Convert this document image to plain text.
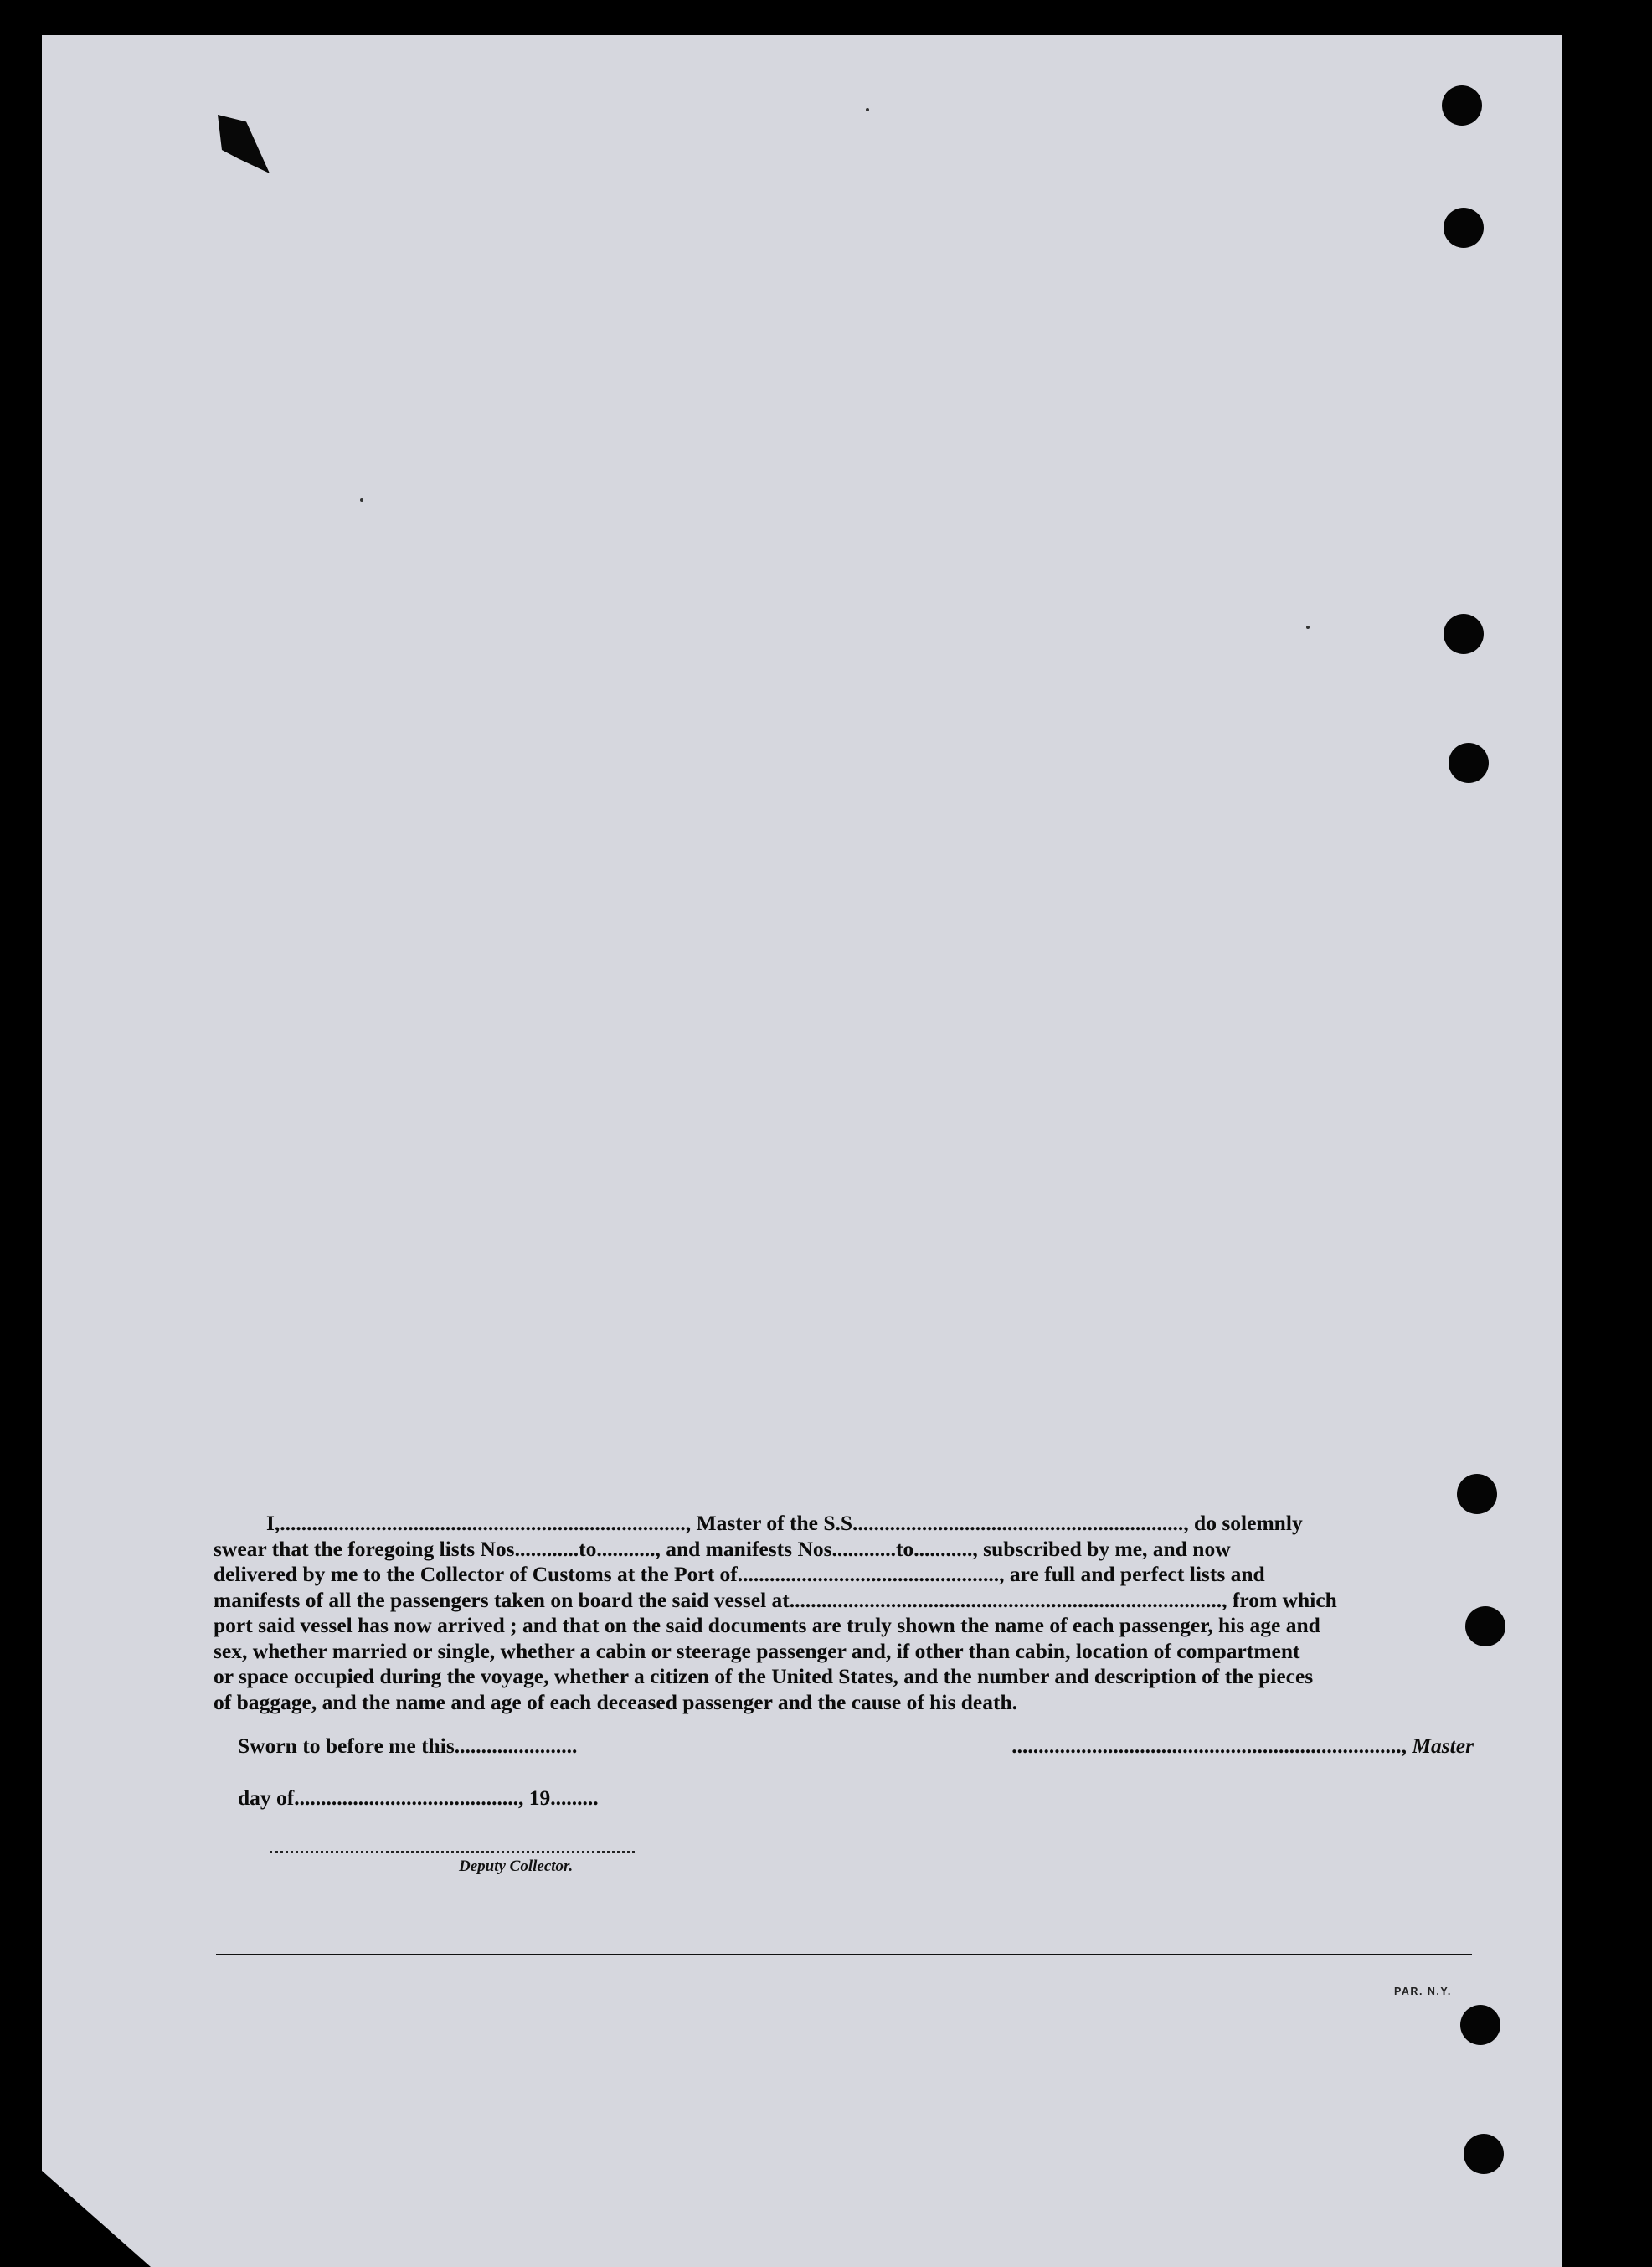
I,............................................................................, Master of the S.S.............................................................., do solemnly
swear that the foregoing lists Nos............to..........., and manifests Nos............to..........., subscribed by me, and now
delivered by me to the Collector of Customs at the Port of................................................., are full and perfect lists and
manifests of all the passengers taken on board the said vessel at................................................................................., from which
port said vessel has now arrived ; and that on the said documents are truly shown the name of each passenger, his age and
sex, whether married or single, whether a cabin or steerage passenger and, if other than cabin, location of compartment
or space occupied during the voyage, whether a citizen of the United States, and the number and description of the pieces
of baggage, and the name and age of each deceased passenger and the cause of his death.
Sworn to before me this.......................	........................................................................., Master
day of.........................................., 19.........
Deputy Collector.
PAR. N.Y.
